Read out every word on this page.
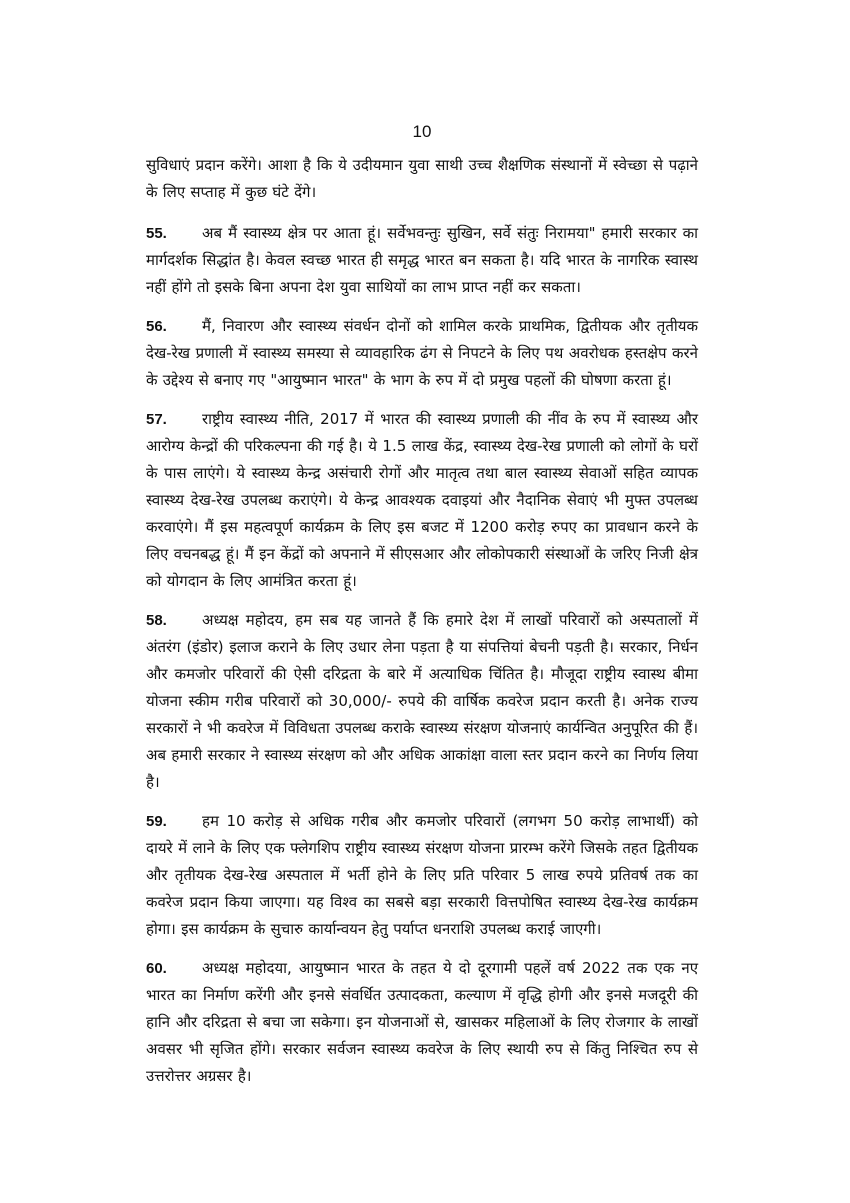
10

सुविधाएं प्रदान करेंगे। आशा है कि ये उदीयमान युवा साथी उच्च शैक्षणिक संस्थानों में स्वेच्छा से पढ़ाने के लिए सप्ताह में कुछ घंटे देंगे।

55. अब मैं स्वास्थ्य क्षेत्र पर आता हूं। सर्वेभवन्तुः सुखिन, सर्वे संतुः निरामया" हमारी सरकार का मार्गदर्शक सिद्धांत है। केवल स्वच्छ भारत ही समृद्ध भारत बन सकता है। यदि भारत के नागरिक स्वास्थ नहीं होंगे तो इसके बिना अपना देश युवा साथियों का लाभ प्राप्त नहीं कर सकता।

56. मैं, निवारण और स्वास्थ्य संवर्धन दोनों को शामिल करके प्राथमिक, द्वितीयक और तृतीयक देख-रेख प्रणाली में स्वास्थ्य समस्या से व्यावहारिक ढंग से निपटने के लिए पथ अवरोधक हस्तक्षेप करने के उद्देश्य से बनाए गए "आयुष्मान भारत" के भाग के रुप में दो प्रमुख पहलों की घोषणा करता हूं।

57. राष्ट्रीय स्वास्थ्य नीति, 2017 में भारत की स्वास्थ्य प्रणाली की नींव के रुप में स्वास्थ्य और आरोग्य केन्द्रों की परिकल्पना की गई है। ये 1.5 लाख केंद्र, स्वास्थ्य देख-रेख प्रणाली को लोगों के घरों के पास लाएंगे। ये स्वास्थ्य केन्द्र असंचारी रोगों और मातृत्व तथा बाल स्वास्थ्य सेवाओं सहित व्यापक स्वास्थ्य देख-रेख उपलब्ध कराएंगे। ये केन्द्र आवश्यक दवाइयां और नैदानिक सेवाएं भी मुफ्त उपलब्ध करवाएंगे। मैं इस महत्वपूर्ण कार्यक्रम के लिए इस बजट में 1200 करोड़ रुपए का प्रावधान करने के लिए वचनबद्ध हूं। मैं इन केंद्रों को अपनाने में सीएसआर और लोकोपकारी संस्थाओं के जरिए निजी क्षेत्र को योगदान के लिए आमंत्रित करता हूं।

58. अध्यक्ष महोदय, हम सब यह जानते हैं कि हमारे देश में लाखों परिवारों को अस्पतालों में अंतरंग (इंडोर) इलाज कराने के लिए उधार लेना पड़ता है या संपत्तियां बेचनी पड़ती है। सरकार, निर्धन और कमजोर परिवारों की ऐसी दरिद्रता के बारे में अत्याधिक चिंतित है। मौजूदा राष्ट्रीय स्वास्थ बीमा योजना स्कीम गरीब परिवारों को 30,000/- रुपये की वार्षिक कवरेज प्रदान करती है। अनेक राज्य सरकारों ने भी कवरेज में विविधता उपलब्ध कराके स्वास्थ्य संरक्षण योजनाएं कार्यन्वित अनुपूरित की हैं। अब हमारी सरकार ने स्वास्थ्य संरक्षण को और अधिक आकांक्षा वाला स्तर प्रदान करने का निर्णय लिया है।

59. हम 10 करोड़ से अधिक गरीब और कमजोर परिवारों (लगभग 50 करोड़ लाभार्थी) को दायरे में लाने के लिए एक फ्लेगशिप राष्ट्रीय स्वास्थ्य संरक्षण योजना प्रारम्भ करेंगे जिसके तहत द्वितीयक और तृतीयक देख-रेख अस्पताल में भर्ती होने के लिए प्रति परिवार 5 लाख रुपये प्रतिवर्ष तक का कवरेज प्रदान किया जाएगा। यह विश्व का सबसे बड़ा सरकारी वित्तपोषित स्वास्थ्य देख-रेख कार्यक्रम होगा। इस कार्यक्रम के सुचारु कार्यान्वयन हेतु पर्याप्त धनराशि उपलब्ध कराई जाएगी।

60. अध्यक्ष महोदया, आयुष्मान भारत के तहत ये दो दूरगामी पहलें वर्ष 2022 तक एक नए भारत का निर्माण करेंगी और इनसे संवर्धित उत्पादकता, कल्याण में वृद्धि होगी और इनसे मजदूरी की हानि और दरिद्रता से बचा जा सकेगा। इन योजनाओं से, खासकर महिलाओं के लिए रोजगार के लाखों अवसर भी सृजित होंगे। सरकार सर्वजन स्वास्थ्य कवरेज के लिए स्थायी रुप से किंतु निश्चित रुप से उत्तरोत्तर अग्रसर है।
